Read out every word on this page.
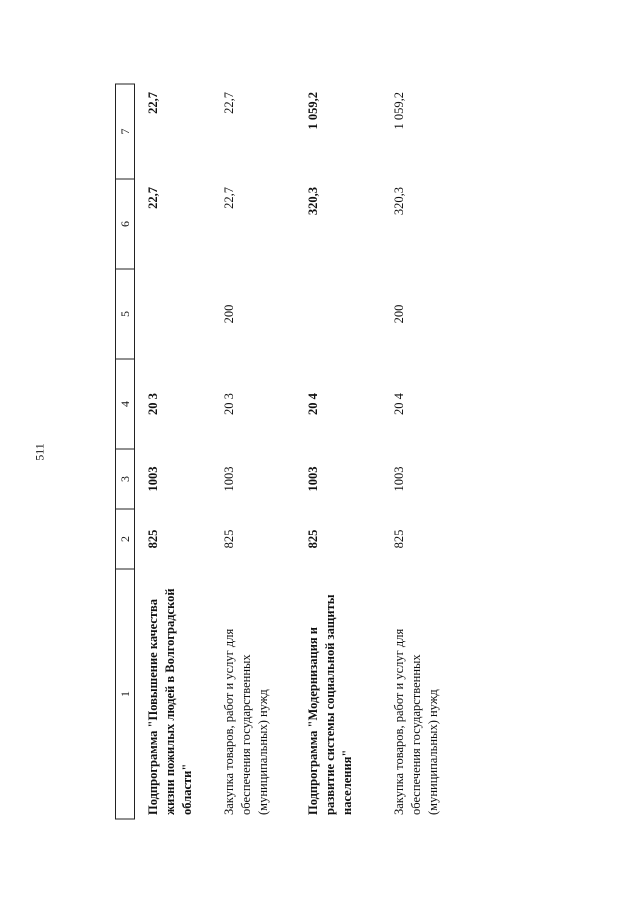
511
1	2	3	4	5	6	7
Подпрограмма "Повышение качества жизни пожилых людей в Волгоградской области"	825	1003	20 3		22,7	22,7
Закупка товаров, работ и услуг для обеспечения государственных (муниципальных) нужд	825	1003	20 3	200	22,7	22,7
Подпрограмма "Модернизация и развитие системы социальной защиты населения"	825	1003	20 4		320,3	1 059,2
Закупка товаров, работ и услуг для обеспечения государственных (муниципальных) нужд	825	1003	20 4	200	320,3	1 059,2
